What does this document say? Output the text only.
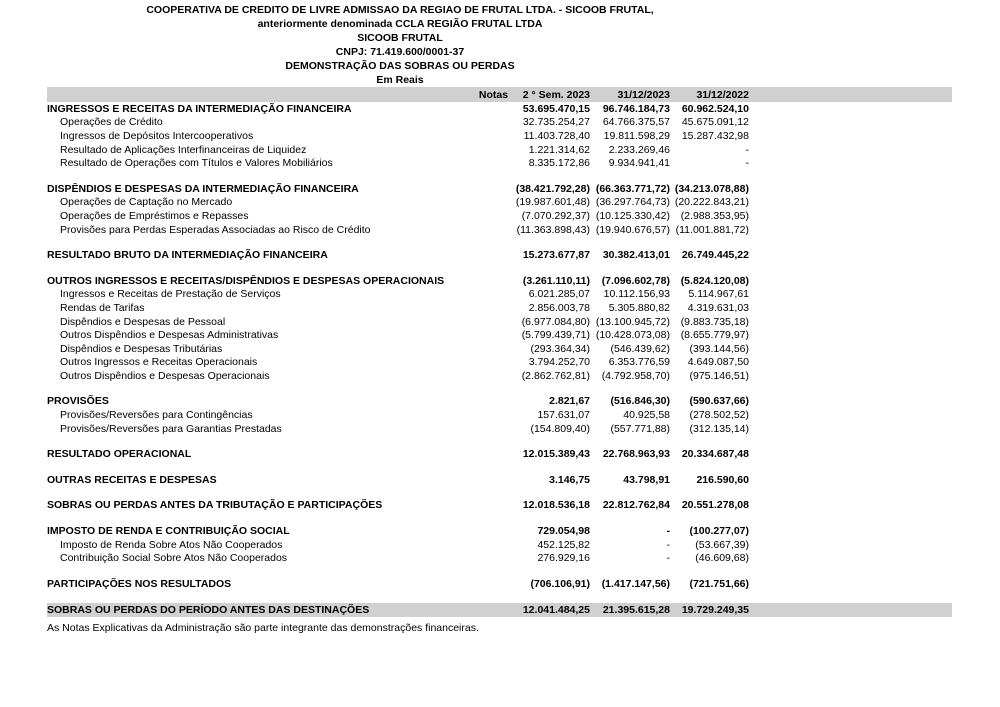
COOPERATIVA DE CREDITO DE LIVRE ADMISSAO DA REGIAO DE FRUTAL LTDA. - SICOOB FRUTAL,
anteriormente denominada CCLA REGIÃO FRUTAL LTDA
SICOOB FRUTAL
CNPJ: 71.419.600/0001-37
DEMONSTRAÇÃO DAS SOBRAS OU PERDAS
Em Reais
Notas	2 ° Sem. 2023	31/12/2023	31/12/2022
INGRESSOS E RECEITAS DA INTERMEDIAÇÃO FINANCEIRA	53.695.470,15	96.746.184,73	60.962.524,10
Operações de Crédito	32.735.254,27	64.766.375,57	45.675.091,12
Ingressos de Depósitos Intercooperativos	11.403.728,40	19.811.598,29	15.287.432,98
Resultado de Aplicações Interfinanceiras de Liquidez	1.221.314,62	2.233.269,46	-
Resultado de Operações com Títulos e Valores Mobiliários	8.335.172,86	9.934.941,41	-
DISPÊNDIOS E DESPESAS DA INTERMEDIAÇÃO FINANCEIRA	(38.421.792,28) (66.363.771,72) (34.213.078,88)
Operações de Captação no Mercado	(19.987.601,48) (36.297.764,73) (20.222.843,21)
Operações de Empréstimos e Repasses	(7.070.292,37) (10.125.330,42)	(2.988.353,95)
Provisões para Perdas Esperadas Associadas ao Risco de Crédito	(11.363.898,43) (19.940.676,57) (11.001.881,72)
RESULTADO BRUTO DA INTERMEDIAÇÃO FINANCEIRA	15.273.677,87	30.382.413,01	26.749.445,22
OUTROS INGRESSOS E RECEITAS/DISPÊNDIOS E DESPESAS OPERACIONAIS	(3.261.110,11)	(7.096.602,78)	(5.824.120,08)
Ingressos e Receitas de Prestação de Serviços	6.021.285,07	10.112.156,93	5.114.967,61
Rendas de Tarifas	2.856.003,78	5.305.880,82	4.319.631,03
Dispêndios e Despesas de Pessoal	(6.977.084,80) (13.100.945,72)	(9.883.735,18)
Outros Dispêndios e Despesas Administrativas	(5.799.439,71) (10.428.073,08)	(8.655.779,97)
Dispêndios e Despesas Tributárias	(293.364,34)	(546.439,62)	(393.144,56)
Outros Ingressos e Receitas Operacionais	3.794.252,70	6.353.776,59	4.649.087,50
Outros Dispêndios e Despesas Operacionais	(2.862.762,81)	(4.792.958,70)	(975.146,51)
PROVISÕES	2.821,67	(516.846,30)	(590.637,66)
Provisões/Reversões para Contingências	157.631,07	40.925,58	(278.502,52)
Provisões/Reversões para Garantias Prestadas	(154.809,40)	(557.771,88)	(312.135,14)
RESULTADO OPERACIONAL	12.015.389,43	22.768.963,93	20.334.687,48
OUTRAS RECEITAS E DESPESAS	3.146,75	43.798,91	216.590,60
SOBRAS OU PERDAS ANTES DA TRIBUTAÇÃO E PARTICIPAÇÕES	12.018.536,18	22.812.762,84	20.551.278,08
IMPOSTO DE RENDA E CONTRIBUIÇÃO SOCIAL	729.054,98	-	(100.277,07)
Imposto de Renda Sobre Atos Não Cooperados	452.125,82	-	(53.667,39)
Contribuição Social Sobre Atos Não Cooperados	276.929,16	-	(46.609,68)
PARTICIPAÇÕES NOS RESULTADOS	(706.106,91)	(1.417.147,56)	(721.751,66)
SOBRAS OU PERDAS DO PERÍODO ANTES DAS DESTINAÇÕES	12.041.484,25	21.395.615,28	19.729.249,35
As Notas Explicativas da Administração são parte integrante das demonstrações financeiras.
